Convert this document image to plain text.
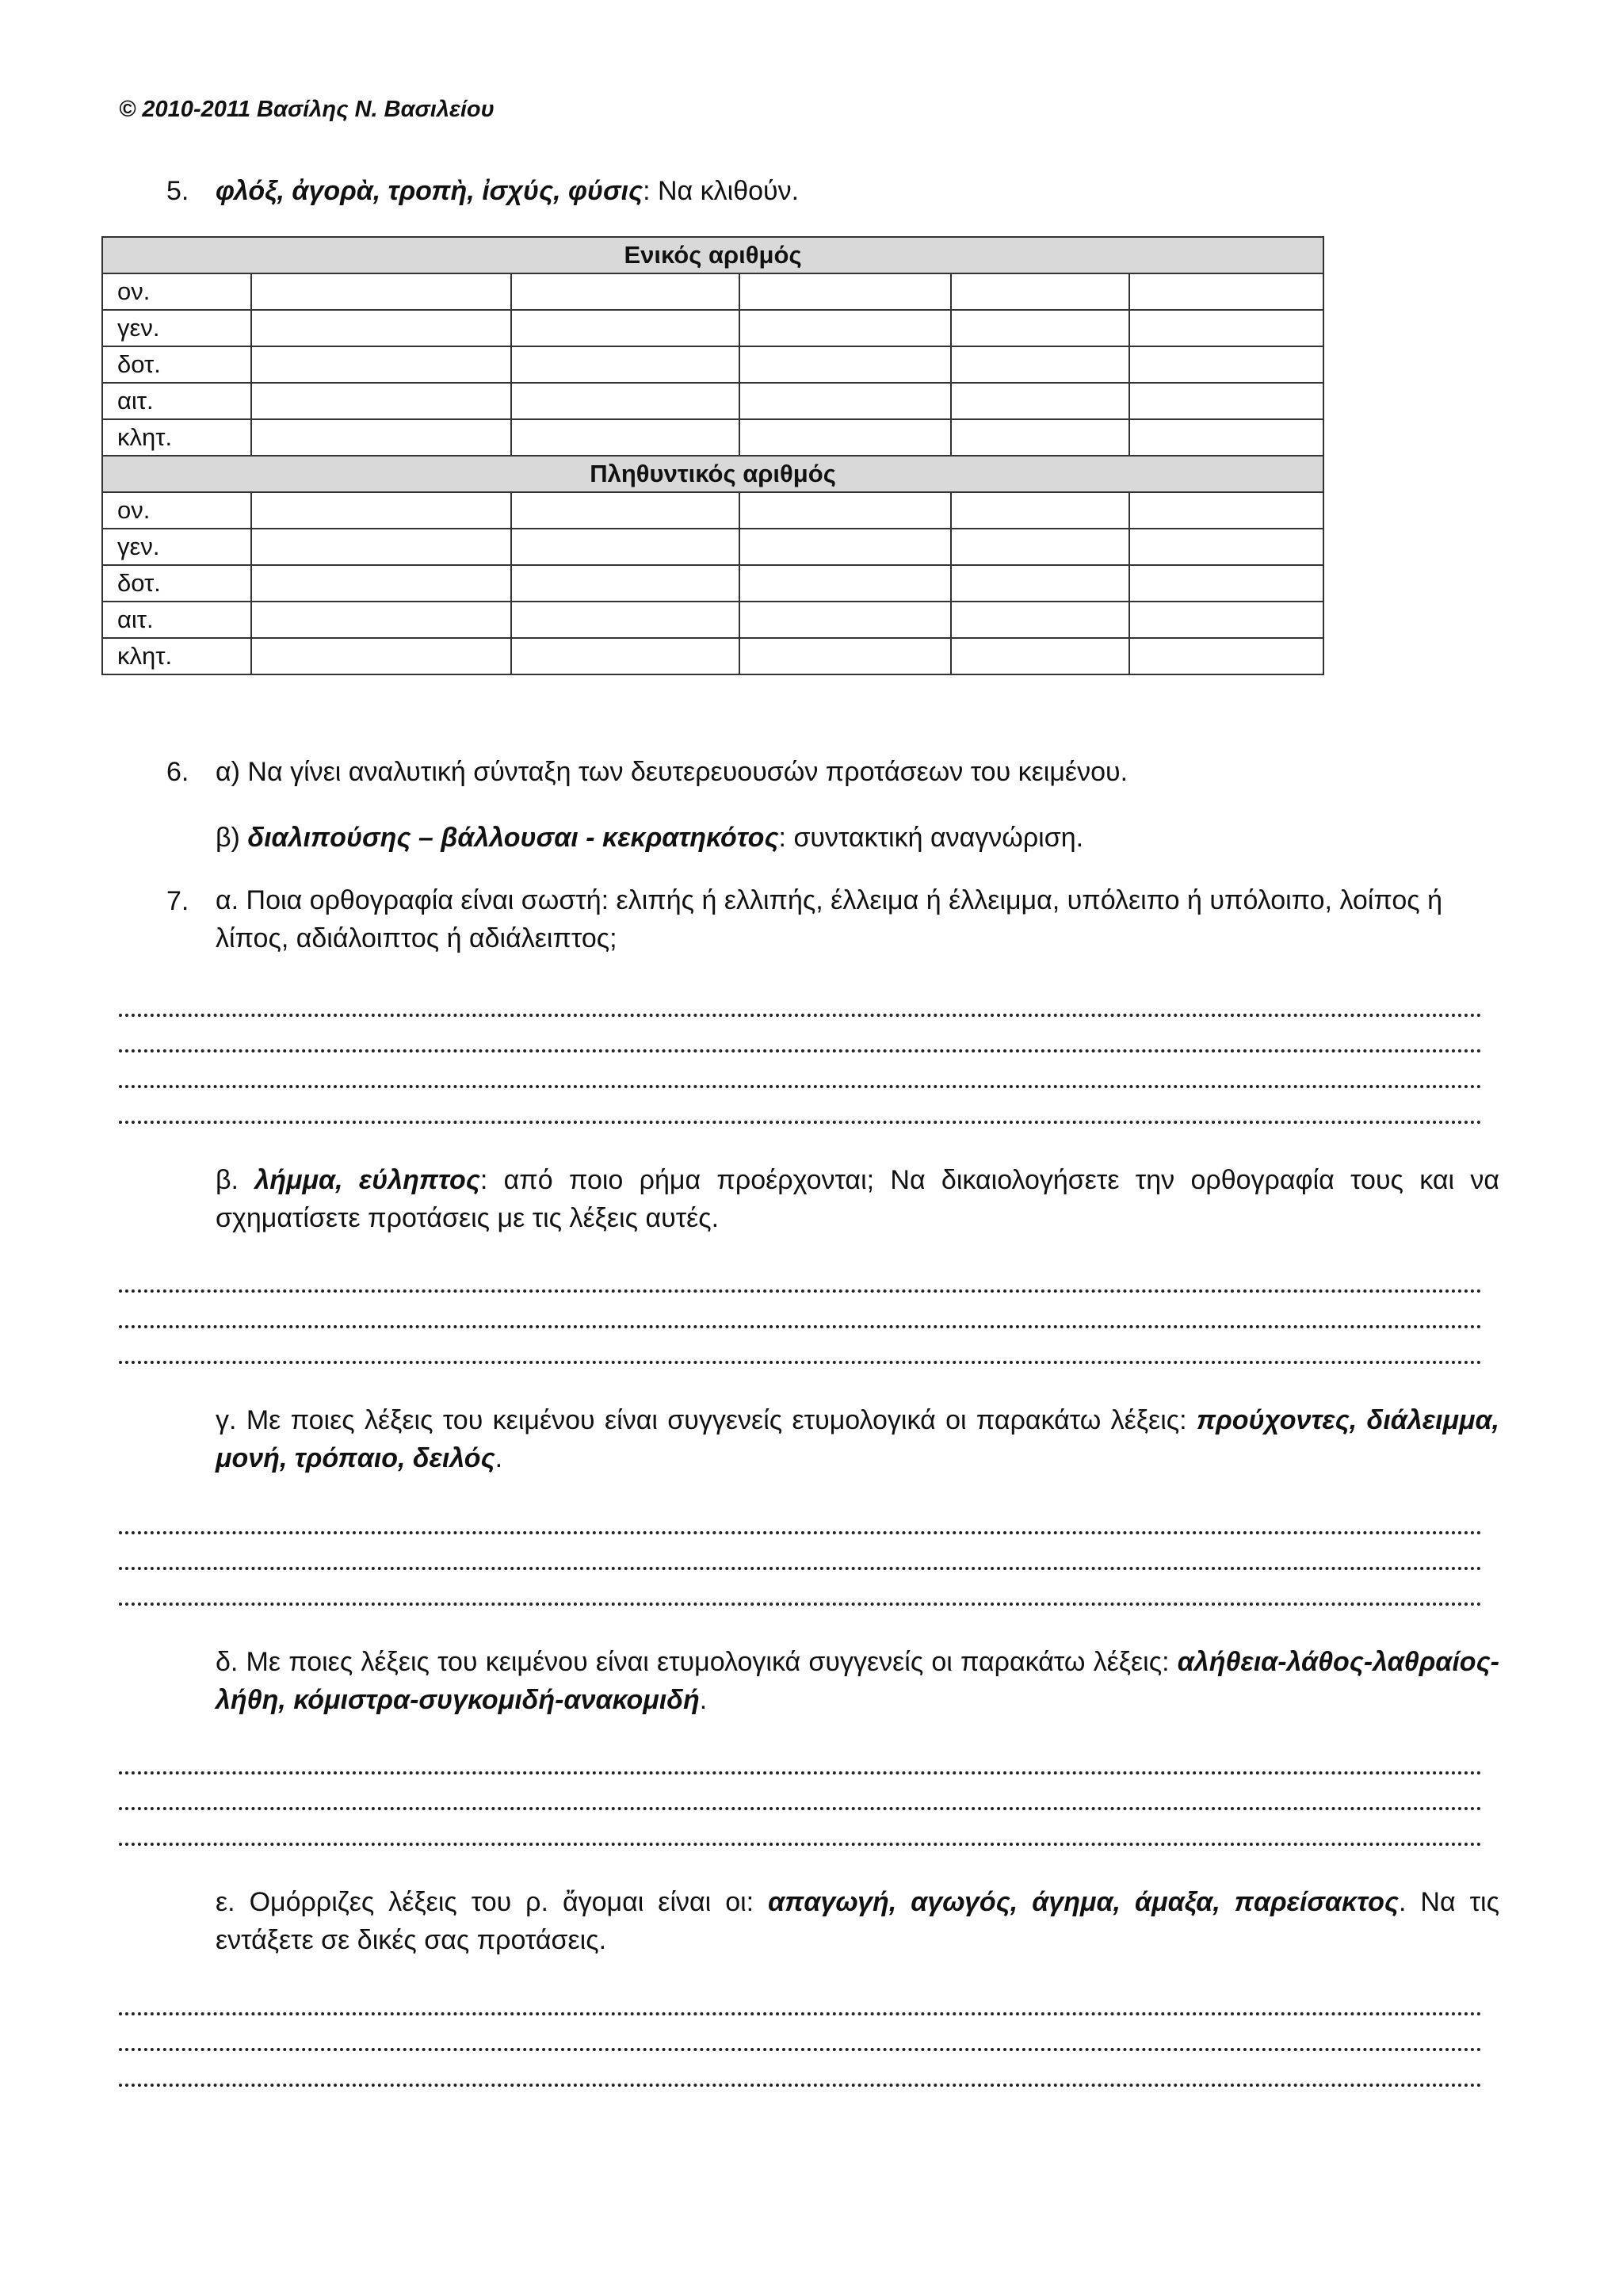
© 2010-2011 Βασίλης Ν. Βασιλείου
5. φλόξ, ἀγορὰ, τροπὴ, ἰσχύς, φύσις: Να κλιθούν.
Ενικός αριθμός					
ον.					
γεν.					
δοτ.					
αιτ.					
κλητ.					
Πληθυντικός αριθμός					
ον.					
γεν.					
δοτ.					
αιτ.					
κλητ.					
6. α) Να γίνει αναλυτική σύνταξη των δευτερευουσών προτάσεων του κειμένου.
β) διαλιπούσης – βάλλουσαι - κεκρατηκότος: συντακτική αναγνώριση.
7. α. Ποια ορθογραφία είναι σωστή: ελιπής ή ελλιπής, έλλειμα ή έλλειμμα, υπόλειπο ή υπόλοιπο, λοίπος ή λίπος, αδιάλοιπτος ή αδιάλειπτος;
β. λήμμα, εύληπτος: από ποιο ρήμα προέρχονται; Να δικαιολογήσετε την ορθογραφία τους και να σχηματίσετε προτάσεις με τις λέξεις αυτές.
γ. Με ποιες λέξεις του κειμένου είναι συγγενείς ετυμολογικά οι παρακάτω λέξεις: προύχοντες, διάλειμμα, μονή, τρόπαιο, δειλός.
δ. Με ποιες λέξεις του κειμένου είναι ετυμολογικά συγγενείς οι παρακάτω λέξεις: αλήθεια-λάθος-λαθραίος-λήθη, κόμιστρα-συγκομιδή-ανακομιδή.
ε. Ομόρριζες λέξεις του ρ. ἄγομαι είναι οι: απαγωγή, αγωγός, άγημα, άμαξα, παρείσακτος. Να τις εντάξετε σε δικές σας προτάσεις.
